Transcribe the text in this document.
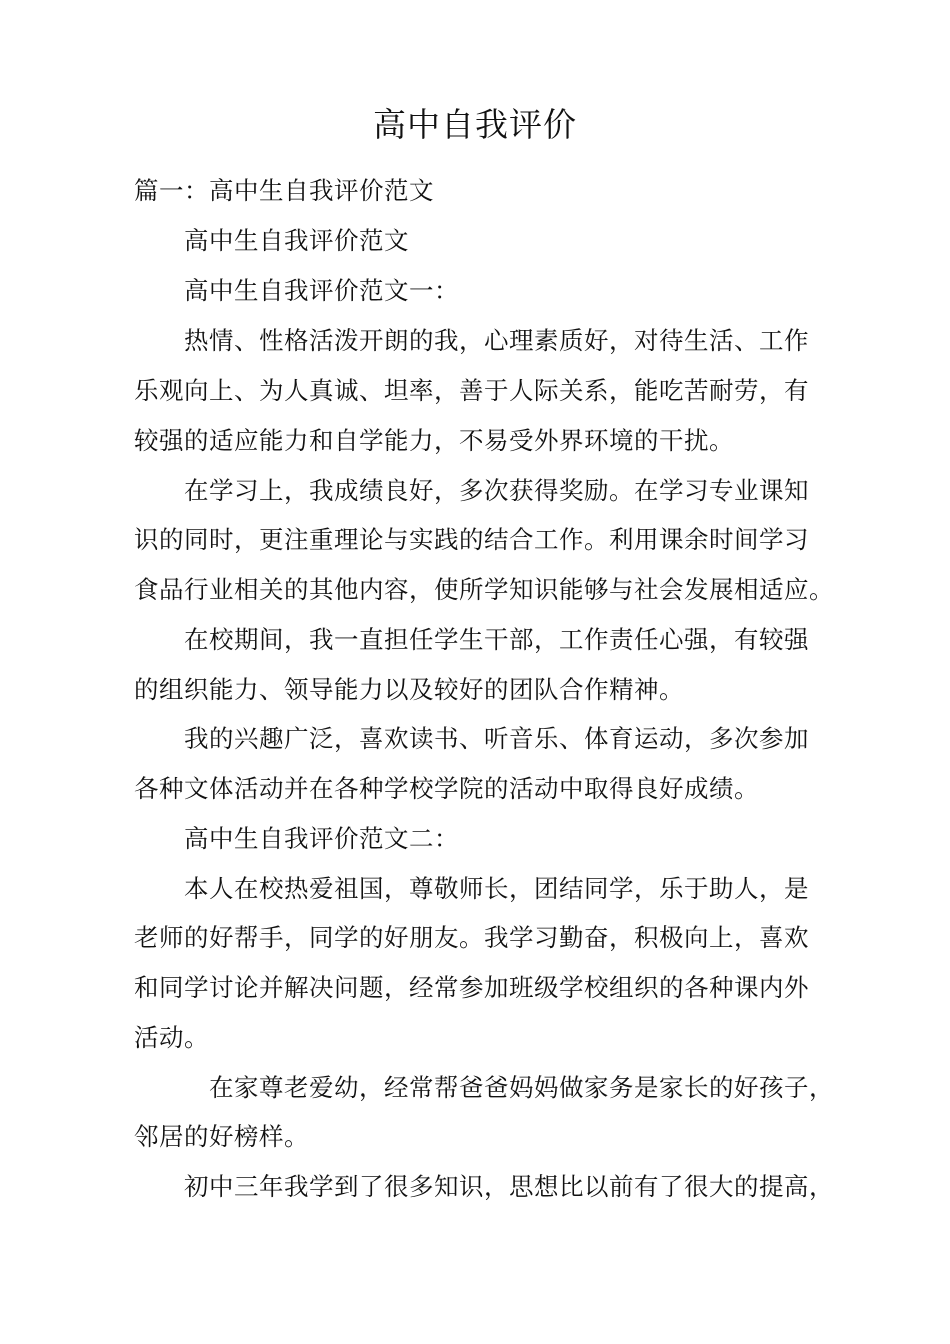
高中自我评价
篇一：高中生自我评价范文
高中生自我评价范文
高中生自我评价范文一：
热情、性格活泼开朗的我，心理素质好，对待生活、工作
乐观向上、为人真诚、坦率，善于人际关系，能吃苦耐劳，有
较强的适应能力和自学能力，不易受外界环境的干扰。
在学习上，我成绩良好，多次获得奖励。在学习专业课知
识的同时，更注重理论与实践的结合工作。利用课余时间学习
食品行业相关的其他内容，使所学知识能够与社会发展相适应。
在校期间，我一直担任学生干部，工作责任心强，有较强
的组织能力、领导能力以及较好的团队合作精神。
我的兴趣广泛，喜欢读书、听音乐、体育运动，多次参加
各种文体活动并在各种学校学院的活动中取得良好成绩。
高中生自我评价范文二：
本人在校热爱祖国，尊敬师长，团结同学，乐于助人，是
老师的好帮手，同学的好朋友。我学习勤奋，积极向上，喜欢
和同学讨论并解决问题，经常参加班级学校组织的各种课内外
活动。
在家尊老爱幼，经常帮爸爸妈妈做家务是家长的好孩子，
邻居的好榜样。
初中三年我学到了很多知识，思想比以前有了很大的提高，
